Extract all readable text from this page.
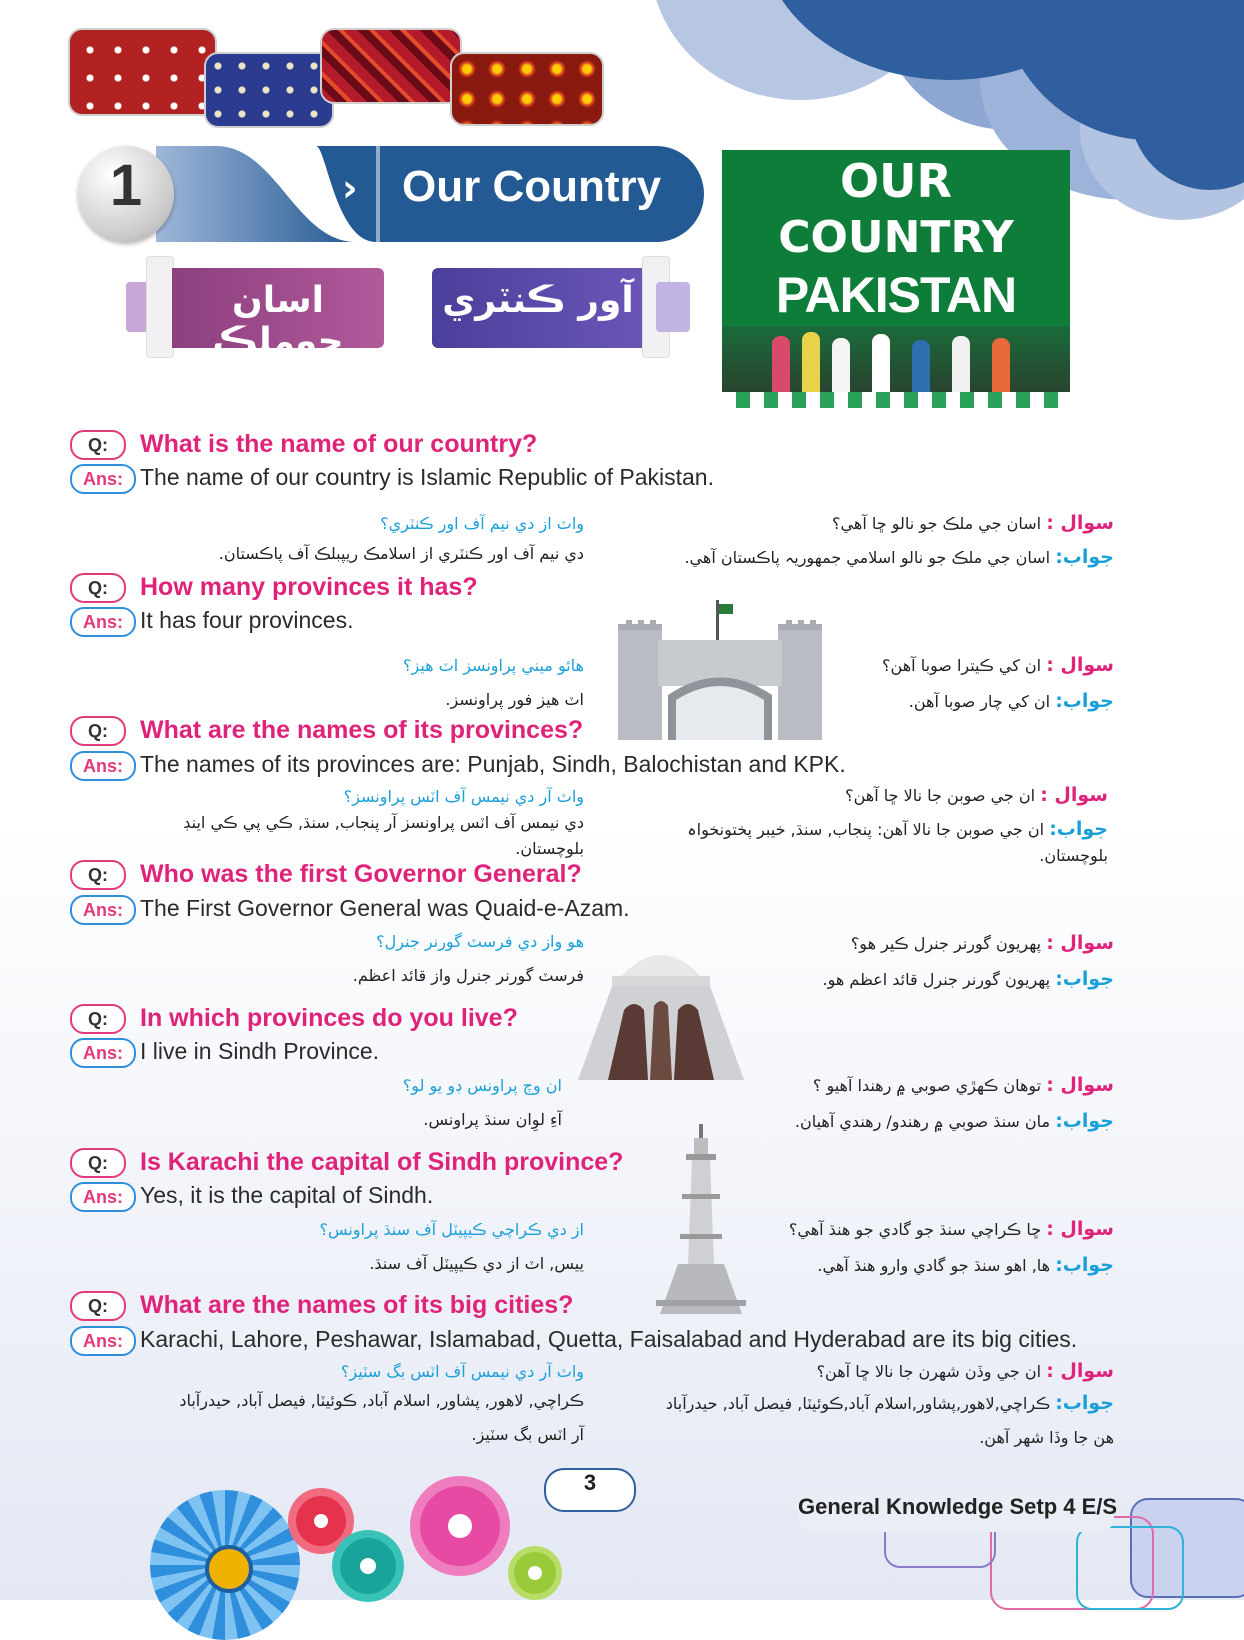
1	› Our Country
اسان جوملڪ
آور ڪنٽري
OUR
COUNTRY
PAKISTAN
Q:	What is the name of our country?
Ans: The name of our country is Islamic Republic of Pakistan.
واٽ از دي نيم آف اور ڪنٽري؟
دي نيم آف اور ڪنٽري از اسلامڪ ريپبلڪ آف پاڪستان.
سوال : اسان جي ملڪ جو نالو ڇا آهي؟
جواب: اسان جي ملڪ جو نالو اسلامي جمهوريہ پاڪستان آهي.
Q:	How many provinces it has?
Ans: It has four provinces.
هائو ميني پراونسز اٽ هيز؟
اٽ هيز فور پراونسز.
سوال : ان کي ڪيترا صوبا آهن؟
جواب: ان کي چار صوبا آهن.
Q:	What are the names of its provinces?
Ans: The names of its provinces are: Punjab, Sindh, Balochistan and KPK.
واٽ آر دي نيمس آف اٽس پراونسز؟
دي نيمس آف اٽس پراونسز آر پنجاب, سنڌ, ڪي پي ڪي اينڊ بلوچستان.
سوال : ان جي صوبن جا نالا ڇا آهن؟
جواب: ان جي صوبن جا نالا آهن: پنجاب, سنڌ, خيبر پختونخواہ بلوچستان.
Q:	Who was the first Governor General?
Ans: The First Governor General was Quaid-e-Azam.
هو واز دي فرسٽ گورنر جنرل؟
فرسٽ گورنر جنرل واز قائد اعظم.
سوال : پهريون گورنر جنرل ڪير هو؟
جواب: پهريون گورنر جنرل قائد اعظم هو.
Q:	In which provinces do you live?
Ans: I live in Sindh Province.
ان وچ پراونس ڊو يو لو؟
آءِ لوِان سنڌ پراونس.
سوال : توهان ڪهڙي صوبي ۾ رهندا آهيو ؟
جواب: مان سنڌ صوبي ۾ رهندو/ رهندي آهيان.
Q:	Is Karachi the capital of Sindh province?
Ans: Yes, it is the capital of Sindh.
از دي ڪراچي ڪيپيٽل آف سنڌ پراونس؟
ييس, اٽ از دي ڪيپيٽل آف سنڌ.
سوال : ڇا ڪراچي سنڌ جو گادي جو هنڌ آهي؟
جواب: ها, اهو سنڌ جو گادي وارو هنڌ آهي.
Q:	What are the names of its big cities?
Ans: Karachi, Lahore, Peshawar, Islamabad, Quetta, Faisalabad and Hyderabad are its big cities.
واٽ آر دي نيمس آف اٽس بگ سٽيز؟
ڪراچي, لاهور, پشاور, اسلام آباد, ڪوئيٽا, فيصل آباد, حيدرآباد آر اٽس بگ سٽيز.
سوال : ان جي وڏن شهرن جا نالا ڇا آهن؟
جواب: ڪراچي,لاهور,پشاور,اسلام آباد,ڪوئيٽا, فيصل آباد, حيدرآباد هن جا وڏا شهر آهن.
3
General Knowledge Setp 4 E/S
